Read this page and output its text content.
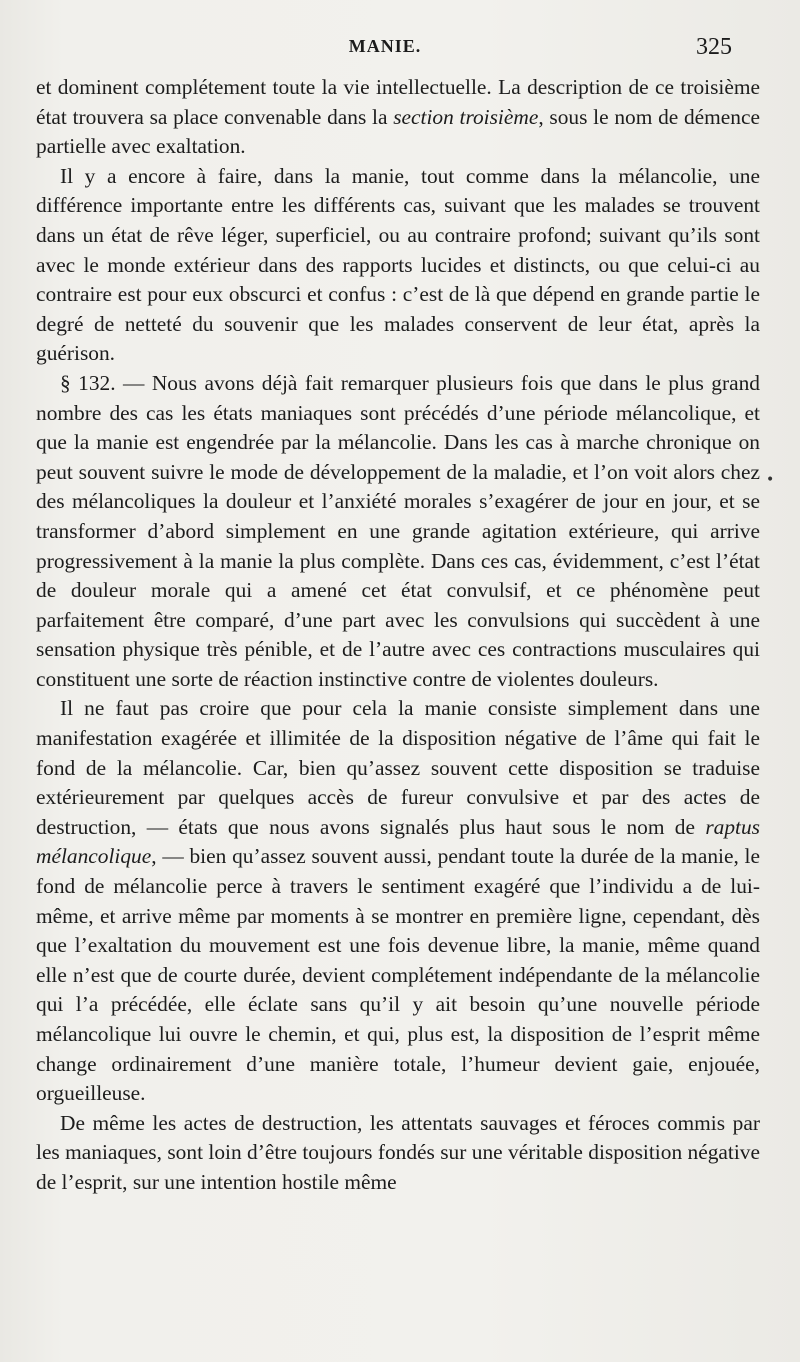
MANIE.	325

et dominent complétement toute la vie intellectuelle. La description de ce troisième état trouvera sa place convenable dans la section troisième, sous le nom de démence partielle avec exaltation.

Il y a encore à faire, dans la manie, tout comme dans la mélancolie, une différence importante entre les différents cas, suivant que les malades se trouvent dans un état de rêve léger, superficiel, ou au contraire profond; suivant qu’ils sont avec le monde extérieur dans des rapports lucides et distincts, ou que celui-ci au contraire est pour eux obscurci et confus : c’est de là que dépend en grande partie le degré de netteté du souvenir que les malades conservent de leur état, après la guérison.

§ 132. — Nous avons déjà fait remarquer plusieurs fois que dans le plus grand nombre des cas les états maniaques sont précédés d’une période mélancolique, et que la manie est engendrée par la mélancolie. Dans les cas à marche chronique on peut souvent suivre le mode de développement de la maladie, et l’on voit alors chez des mélancoliques la douleur et l’anxiété morales s’exagérer de jour en jour, et se transformer d’abord simplement en une grande agitation extérieure, qui arrive progressivement à la manie la plus complète. Dans ces cas, évidemment, c’est l’état de douleur morale qui a amené cet état convulsif, et ce phénomène peut parfaitement être comparé, d’une part avec les convulsions qui succèdent à une sensation physique très pénible, et de l’autre avec ces contractions musculaires qui constituent une sorte de réaction instinctive contre de violentes douleurs.

Il ne faut pas croire que pour cela la manie consiste simplement dans une manifestation exagérée et illimitée de la disposition négative de l’âme qui fait le fond de la mélancolie. Car, bien qu’assez souvent cette disposition se traduise extérieurement par quelques accès de fureur convulsive et par des actes de destruction, — états que nous avons signalés plus haut sous le nom de raptus mélancolique, — bien qu’assez souvent aussi, pendant toute la durée de la manie, le fond de mélancolie perce à travers le sentiment exagéré que l’individu a de lui-même, et arrive même par moments à se montrer en première ligne, cependant, dès que l’exaltation du mouvement est une fois devenue libre, la manie, même quand elle n’est que de courte durée, devient complétement indépendante de la mélancolie qui l’a précédée, elle éclate sans qu’il y ait besoin qu’une nouvelle période mélancolique lui ouvre le chemin, et qui, plus est, la disposition de l’esprit même change ordinairement d’une manière totale, l’humeur devient gaie, enjouée, orgueilleuse.

De même les actes de destruction, les attentats sauvages et féroces commis par les maniaques, sont loin d’être toujours fondés sur une véritable disposition négative de l’esprit, sur une intention hostile même

•
